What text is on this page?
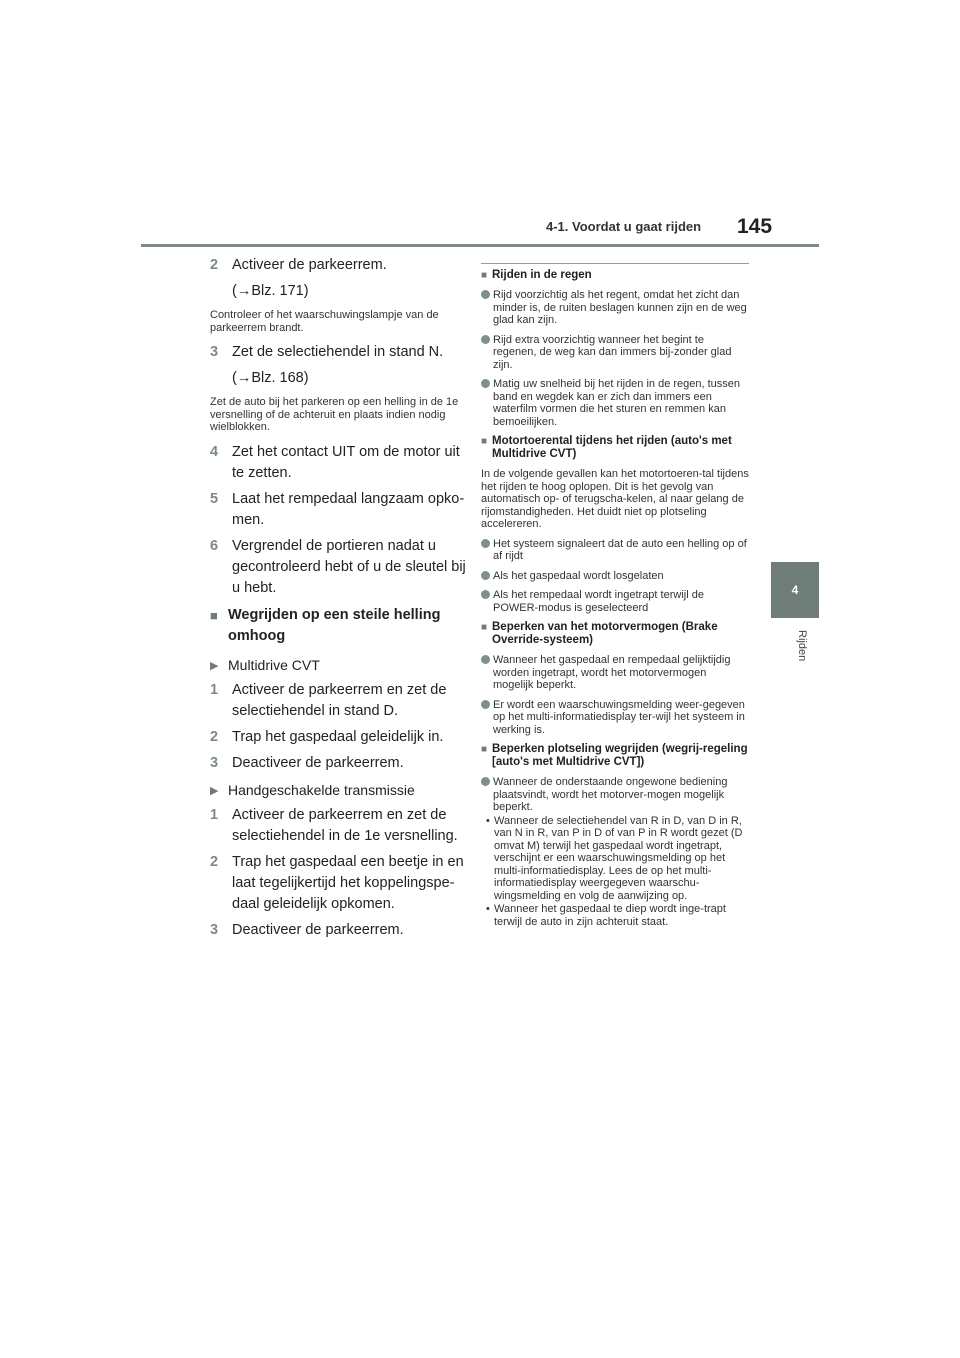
4-1. Voordat u gaat rijden 145
4
Rijden
2 Activeer de parkeerrem.
(→Blz. 171)
Controleer of het waarschuwingslampje van de parkeerrem brandt.
3 Zet de selectiehendel in stand N.
(→Blz. 168)
Zet de auto bij het parkeren op een helling in de 1e versnelling of de achteruit en plaats indien nodig wielblokken.
4 Zet het contact UIT om de motor uit te zetten.
5 Laat het rempedaal langzaam opko-men.
6 Vergrendel de portieren nadat u gecontroleerd hebt of u de sleutel bij u hebt.
■ Wegrijden op een steile helling omhoog
▶ Multidrive CVT
1 Activeer de parkeerrem en zet de selectiehendel in stand D.
2 Trap het gaspedaal geleidelijk in.
3 Deactiveer de parkeerrem.
▶ Handgeschakelde transmissie
1 Activeer de parkeerrem en zet de selectiehendel in de 1e versnelling.
2 Trap het gaspedaal een beetje in en laat tegelijkertijd het koppelingspe-daal geleidelijk opkomen.
3 Deactiveer de parkeerrem.
■ Rijden in de regen
Rijd voorzichtig als het regent, omdat het zicht dan minder is, de ruiten beslagen kunnen zijn en de weg glad kan zijn.
Rijd extra voorzichtig wanneer het begint te regenen, de weg kan dan immers bij-zonder glad zijn.
Matig uw snelheid bij het rijden in de regen, tussen band en wegdek kan er zich dan immers een waterfilm vormen die het sturen en remmen kan bemoeilijken.
■ Motortoerental tijdens het rijden (auto's met Multidrive CVT)
In de volgende gevallen kan het motortoeren-tal tijdens het rijden te hoog oplopen. Dit is het gevolg van automatisch op- of terugscha-kelen, al naar gelang de rijomstandigheden. Het duidt niet op plotseling accelereren.
Het systeem signaleert dat de auto een helling op of af rijdt
Als het gaspedaal wordt losgelaten
Als het rempedaal wordt ingetrapt terwijl de POWER-modus is geselecteerd
■ Beperken van het motorvermogen (Brake Override-systeem)
Wanneer het gaspedaal en rempedaal gelijktijdig worden ingetrapt, wordt het motorvermogen mogelijk beperkt.
Er wordt een waarschuwingsmelding weer-gegeven op het multi-informatiedisplay ter-wijl het systeem in werking is.
■ Beperken plotseling wegrijden (wegrij-regeling [auto's met Multidrive CVT])
Wanneer de onderstaande ongewone bediening plaatsvindt, wordt het motorver-mogen mogelijk beperkt.
• Wanneer de selectiehendel van R in D, van D in R, van N in R, van P in D of van P in R wordt gezet (D omvat M) terwijl het gaspedaal wordt ingetrapt, verschijnt er een waarschuwingsmelding op het multi-informatiedisplay. Lees de op het multi-informatiedisplay weergegeven waarschu-wingsmelding en volg de aanwijzing op.
• Wanneer het gaspedaal te diep wordt inge-trapt terwijl de auto in zijn achteruit staat.
